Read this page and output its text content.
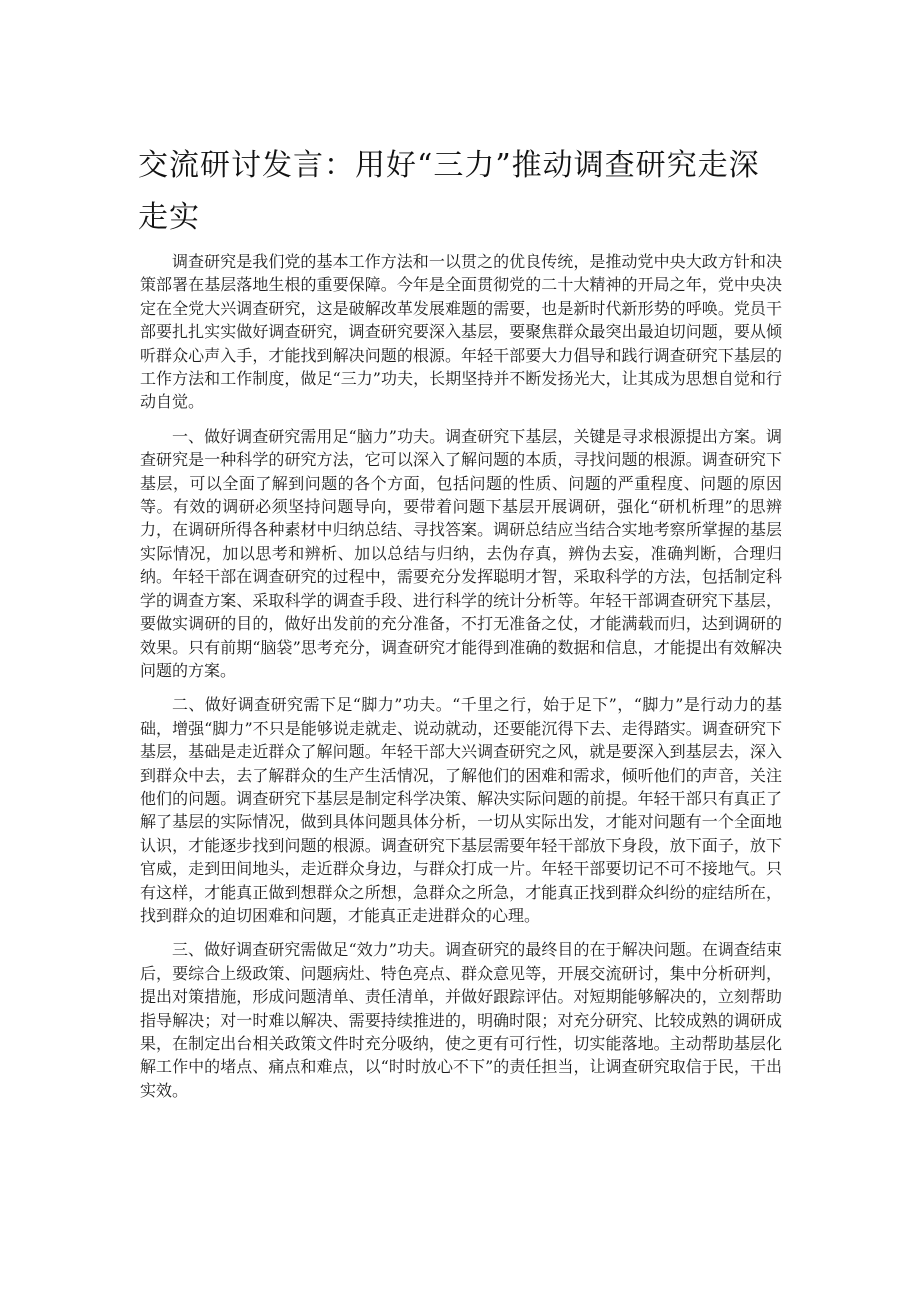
交流研讨发言：用好“三力”推动调查研究走深走实

调查研究是我们党的基本工作方法和一以贯之的优良传统，是推动党中央大政方针和决策部署在基层落地生根的重要保障。今年是全面贯彻党的二十大精神的开局之年，党中央决定在全党大兴调查研究，这是破解改革发展难题的需要，也是新时代新形势的呼唤。党员干部要扎扎实实做好调查研究，调查研究要深入基层，要聚焦群众最突出最迫切问题，要从倾听群众心声入手，才能找到解决问题的根源。年轻干部要大力倡导和践行调查研究下基层的工作方法和工作制度，做足“三力”功夫，长期坚持并不断发扬光大，让其成为思想自觉和行动自觉。

一、做好调查研究需用足“脑力”功夫。调查研究下基层，关键是寻求根源提出方案。调查研究是一种科学的研究方法，它可以深入了解问题的本质，寻找问题的根源。调查研究下基层，可以全面了解到问题的各个方面，包括问题的性质、问题的严重程度、问题的原因等。有效的调研必须坚持问题导向，要带着问题下基层开展调研，强化“研机析理”的思辨力，在调研所得各种素材中归纳总结、寻找答案。调研总结应当结合实地考察所掌握的基层实际情况，加以思考和辨析、加以总结与归纳，去伪存真，辨伪去妄，准确判断，合理归纳。年轻干部在调查研究的过程中，需要充分发挥聪明才智，采取科学的方法，包括制定科学的调查方案、采取科学的调查手段、进行科学的统计分析等。年轻干部调查研究下基层，要做实调研的目的，做好出发前的充分准备，不打无准备之仗，才能满载而归，达到调研的效果。只有前期“脑袋”思考充分，调查研究才能得到准确的数据和信息，才能提出有效解决问题的方案。

二、做好调查研究需下足“脚力”功夫。“千里之行，始于足下”，“脚力”是行动力的基础，增强“脚力”不只是能够说走就走、说动就动，还要能沉得下去、走得踏实。调查研究下基层，基础是走近群众了解问题。年轻干部大兴调查研究之风，就是要深入到基层去，深入到群众中去，去了解群众的生产生活情况，了解他们的困难和需求，倾听他们的声音，关注他们的问题。调查研究下基层是制定科学决策、解决实际问题的前提。年轻干部只有真正了解了基层的实际情况，做到具体问题具体分析，一切从实际出发，才能对问题有一个全面地认识，才能逐步找到问题的根源。调查研究下基层需要年轻干部放下身段，放下面子，放下官威，走到田间地头，走近群众身边，与群众打成一片。年轻干部要切记不可不接地气。只有这样，才能真正做到想群众之所想，急群众之所急，才能真正找到群众纠纷的症结所在，找到群众的迫切困难和问题，才能真正走进群众的心理。

三、做好调查研究需做足“效力”功夫。调查研究的最终目的在于解决问题。在调查结束后，要综合上级政策、问题病灶、特色亮点、群众意见等，开展交流研讨，集中分析研判，提出对策措施，形成问题清单、责任清单，并做好跟踪评估。对短期能够解决的，立刻帮助指导解决；对一时难以解决、需要持续推进的，明确时限；对充分研究、比较成熟的调研成果，在制定出台相关政策文件时充分吸纳，使之更有可行性，切实能落地。主动帮助基层化解工作中的堵点、痛点和难点，以“时时放心不下”的责任担当，让调查研究取信于民，干出实效。
